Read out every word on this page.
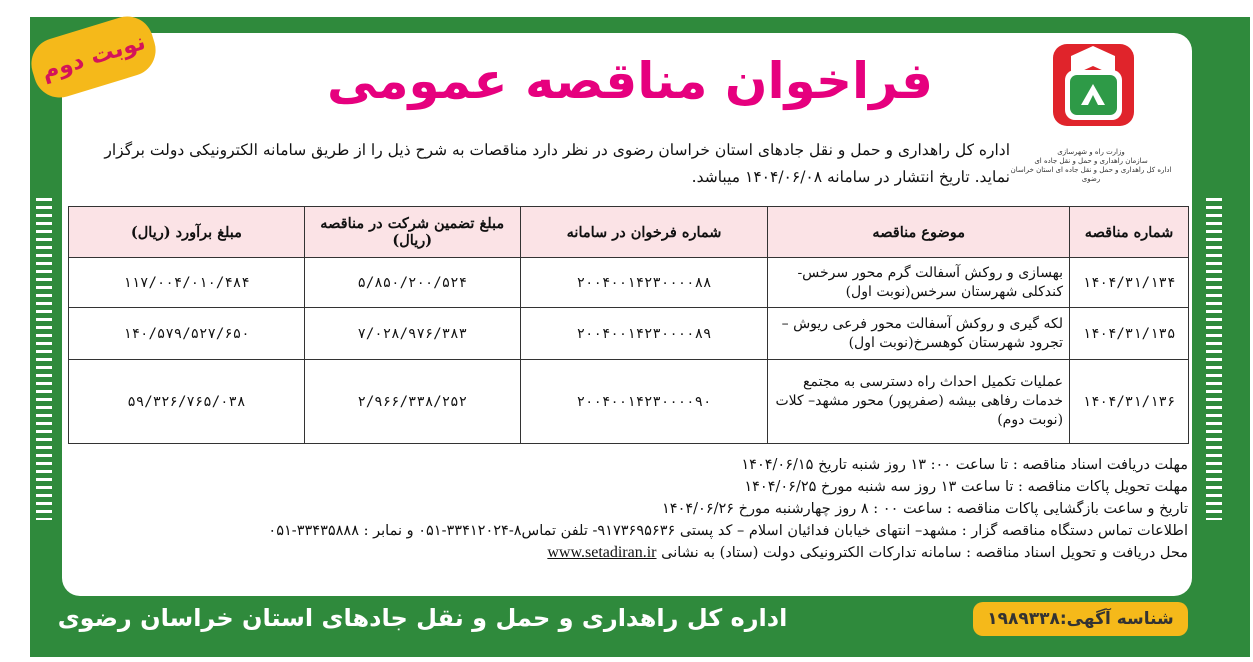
نوبت دوم
وزارت راه و شهرسازی
سازمان راهداری و حمل و نقل جاده ای
اداره کل راهداری و حمل و نقل جاده ای استان خراسان رضوی
فراخوان مناقصه عمومی
اداره کل راهداری و حمل و نقل جادهای استان خراسان رضوی در نظر دارد مناقصات به شرح ذیل را از طریق سامانه الکترونیکی دولت برگزار
نماید. تاریخ انتشار در سامانه ۱۴۰۴/۰۶/۰۸ میباشد.
شماره مناقصه	موضوع مناقصه	شماره فرخوان در سامانه	مبلغ تضمین شرکت در مناقصه (ریال)	مبلغ برآورد (ریال)
۱۴۰۴/۳۱/۱۳۴	بهسازی و روکش آسفالت گرم محور سرخس- کندکلی شهرستان سرخس(نوبت اول)	۲۰۰۴۰۰۱۴۲۳۰۰۰۰۸۸	۵/۸۵۰/۲۰۰/۵۲۴	۱۱۷/۰۰۴/۰۱۰/۴۸۴
۱۴۰۴/۳۱/۱۳۵	لکه گیری و روکش آسفالت محور فرعی ریوش – تجرود شهرستان کوهسرخ(نوبت اول)	۲۰۰۴۰۰۱۴۲۳۰۰۰۰۸۹	۷/۰۲۸/۹۷۶/۳۸۳	۱۴۰/۵۷۹/۵۲۷/۶۵۰
۱۴۰۴/۳۱/۱۳۶	عملیات تکمیل احداث راه دسترسی به مجتمع خدمات رفاهی بیشه (صفرپور) محور مشهد– کلات (نوبت دوم)	۲۰۰۴۰۰۱۴۲۳۰۰۰۰۹۰	۲/۹۶۶/۳۳۸/۲۵۲	۵۹/۳۲۶/۷۶۵/۰۳۸
مهلت دریافت اسناد مناقصه : تا ساعت ۰۰: ۱۳ روز شنبه تاریخ ۱۴۰۴/۰۶/۱۵
مهلت تحویل پاکات مناقصه : تا ساعت ۱۳ روز سه شنبه مورخ ۱۴۰۴/۰۶/۲۵
تاریخ و ساعت بازگشایی پاکات مناقصه : ساعت ۰۰ : ۸ روز چهارشنبه مورخ ۱۴۰۴/۰۶/۲۶
اطلاعات تماس دستگاه مناقصه گزار : مشهد– انتهای خیابان فدائیان اسلام – کد پستی ۹۱۷۳۶۹۵۶۳۶- تلفن تماس۸-۳۳۴۱۲۰۲۴-۰۵۱ و نمابر : ۳۳۴۳۵۸۸۸-۰۵۱
محل دریافت و تحویل اسناد مناقصه : سامانه تدارکات الکترونیکی دولت (ستاد) به نشانی www.setadiran.ir
اداره کل راهداری و حمل و نقل جادهای استان خراسان رضوی	شناسه آگهی:
۱۹۸۹۳۳۸
